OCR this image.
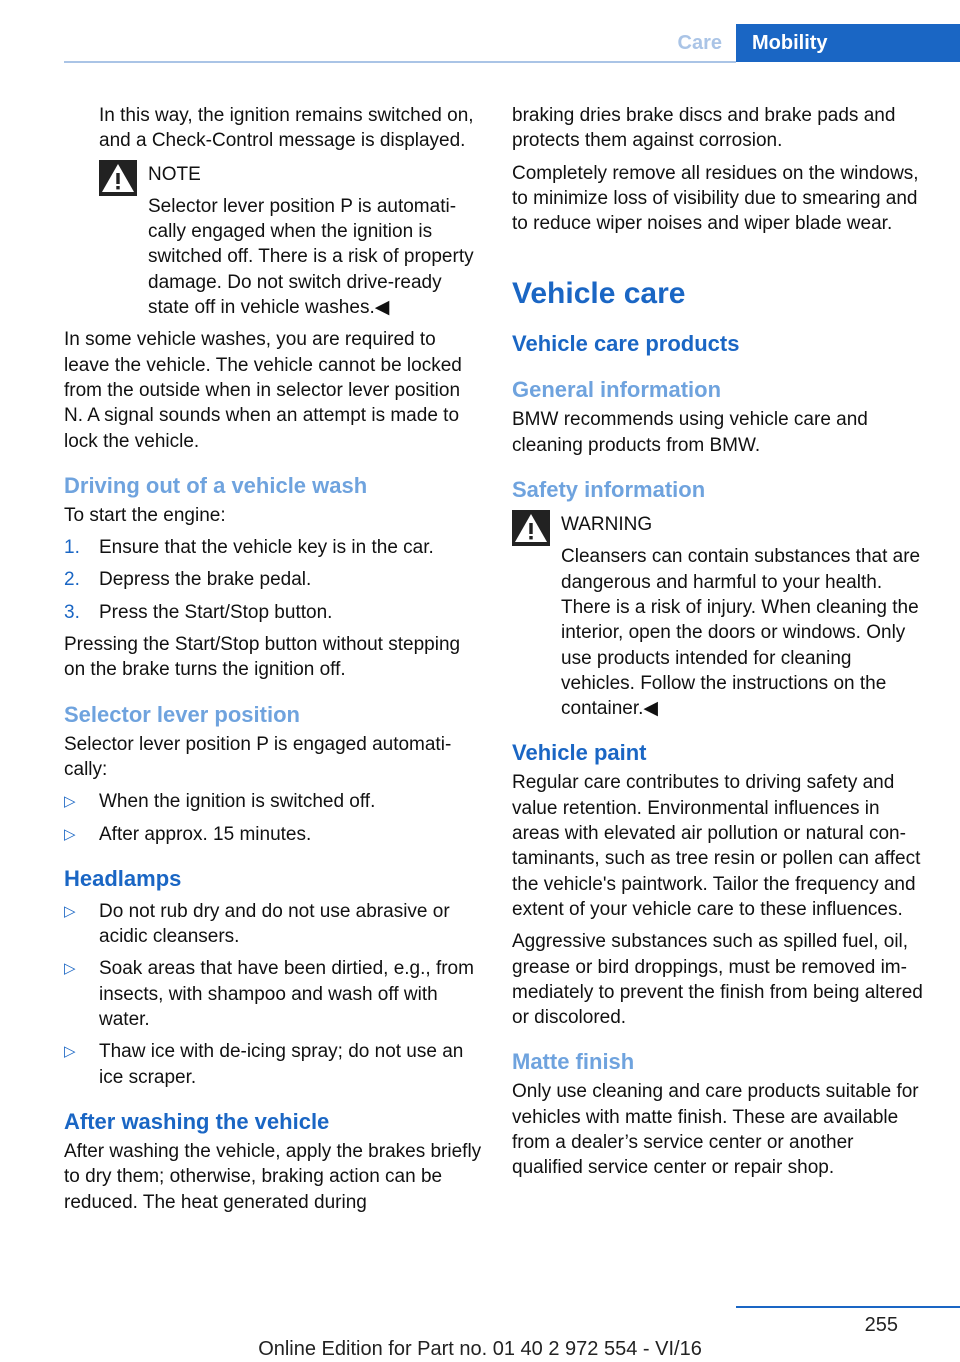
Care	Mobility

In this way, the ignition remains switched on, and a Check-Control message is displayed.

NOTE
Selector lever position P is automatically engaged when the ignition is switched off. There is a risk of property damage. Do not switch drive-ready state off in vehicle washes.◀

In some vehicle washes, you are required to leave the vehicle. The vehicle cannot be locked from the outside when in selector lever position N. A signal sounds when an attempt is made to lock the vehicle.

Driving out of a vehicle wash

To start the engine:

1. Ensure that the vehicle key is in the car.
2. Depress the brake pedal.
3. Press the Start/Stop button.

Pressing the Start/Stop button without stepping on the brake turns the ignition off.

Selector lever position

Selector lever position P is engaged automatically:

▷ When the ignition is switched off.
▷ After approx. 15 minutes.
Headlamps
▷ Do not rub dry and do not use abrasive or acidic cleansers.
▷ Soak areas that have been dirtied, e.g., from insects, with shampoo and wash off with water.
▷ Thaw ice with de-icing spray; do not use an ice scraper.
After washing the vehicle

After washing the vehicle, apply the brakes briefly to dry them; otherwise, braking action can be reduced. The heat generated during

braking dries brake discs and brake pads and protects them against corrosion.

Completely remove all residues on the windows, to minimize loss of visibility due to smearing and to reduce wiper noises and wiper blade wear.

Vehicle care
Vehicle care products
General information

BMW recommends using vehicle care and cleaning products from BMW.

Safety information
WARNING
Cleansers can contain substances that are dangerous and harmful to your health. There is a risk of injury. When cleaning the interior, open the doors or windows. Only use products intended for cleaning vehicles. Follow the instructions on the container.◀
Vehicle paint

Regular care contributes to driving safety and value retention. Environmental influences in areas with elevated air pollution or natural contaminants, such as tree resin or pollen can affect the vehicle's paintwork. Tailor the frequency and extent of your vehicle care to these influences.

Aggressive substances such as spilled fuel, oil, grease or bird droppings, must be removed immediately to prevent the finish from being altered or discolored.

Matte finish

Only use cleaning and care products suitable for vehicles with matte finish. These are available from a dealer’s service center or another qualified service center or repair shop.

255
Online Edition for Part no. 01 40 2 972 554 - VI/16
